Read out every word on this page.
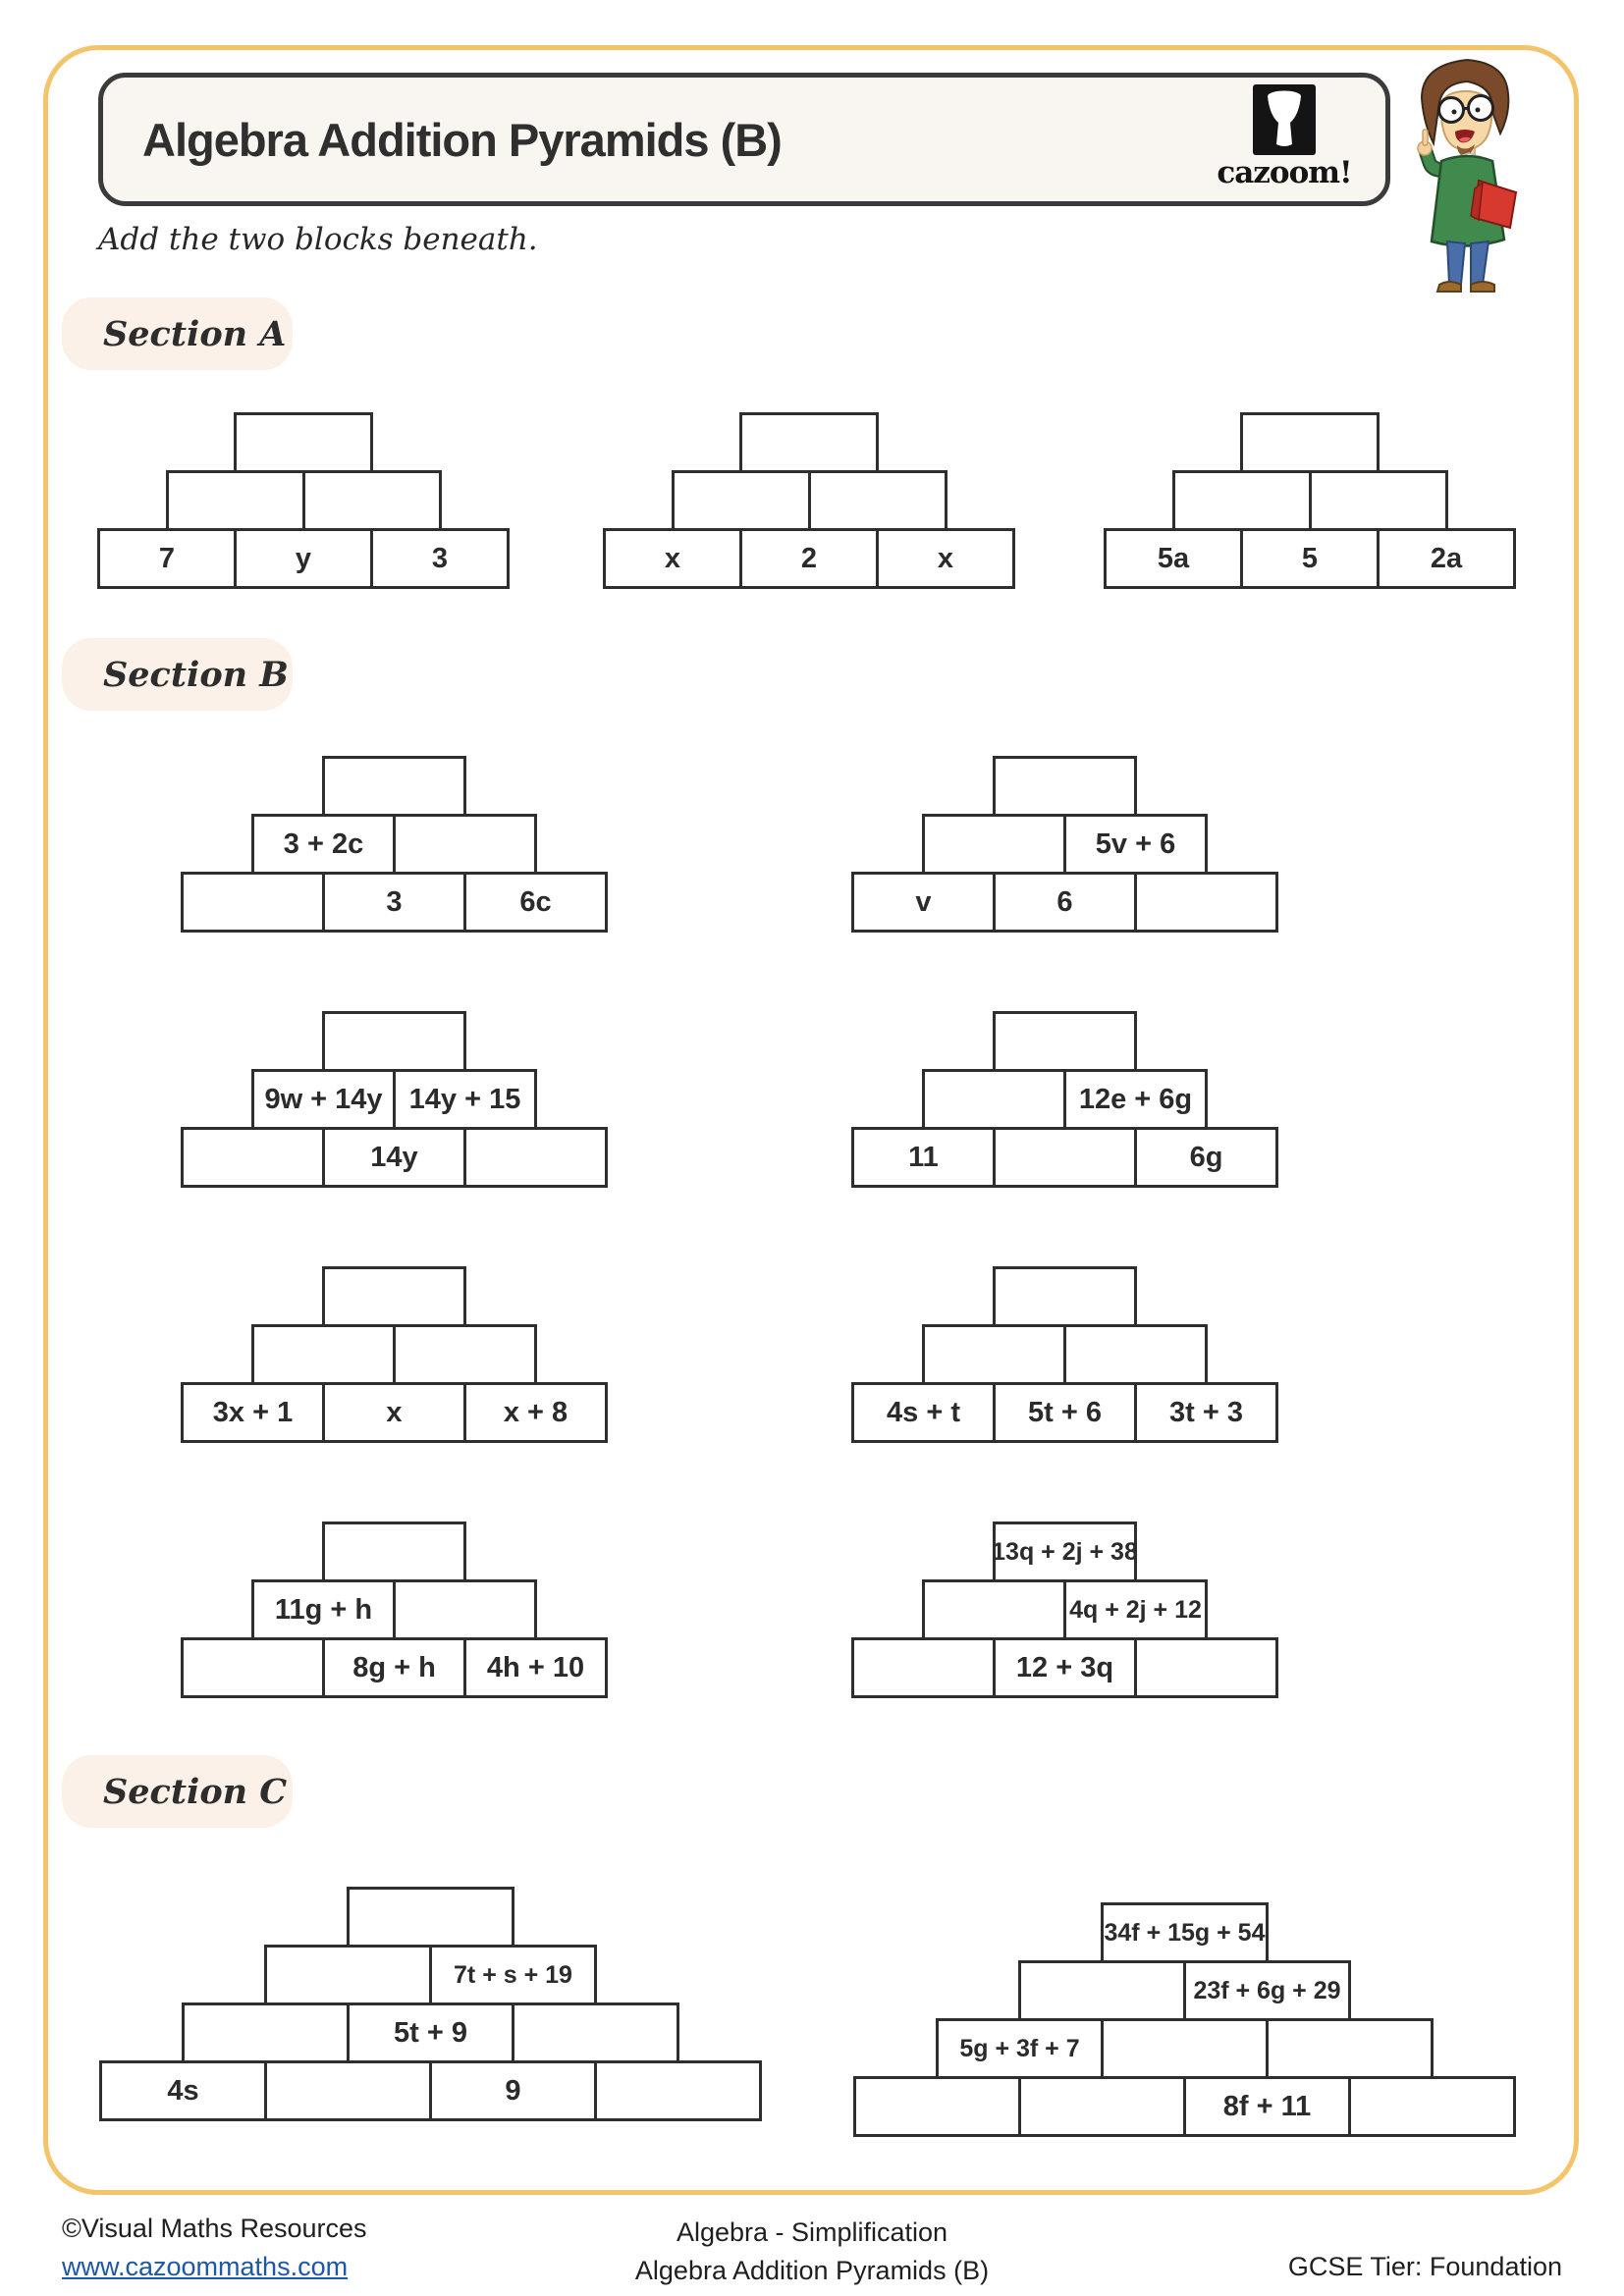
Algebra Addition Pyramids (B)
cazoom!
Add the two blocks beneath.
Section A
Section B
Section C
7	y	3	x	2	x	5a	5	2a
3 + 2c
3	6c
5v + 6
v	6
9w + 14y 14y + 15
14y
12e + 6g
11	6g
3x + 1	x	x + 8	4s + t	5t + 6	3t + 3
11g + h
8g + h	4h + 10
13q + 2j + 38
4q + 2j + 12
12 + 3q
7t + s + 19
5t + 9
4s	9
34f + 15g + 54
23f + 6g + 29
5g + 3f + 7
8f + 11
©Visual Maths Resources
www.cazoommaths.com
Algebra - Simplification
Algebra Addition Pyramids (B)	GCSE Tier: Foundation
